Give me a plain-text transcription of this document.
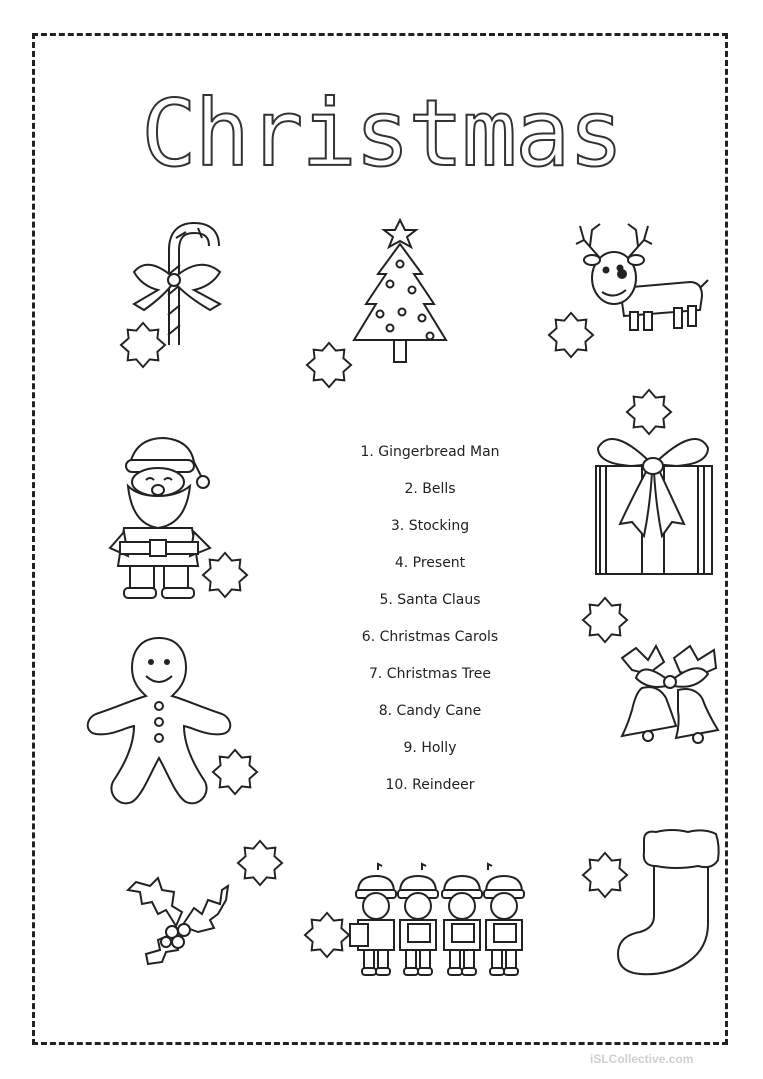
Christmas
1. Gingerbread Man
2. Bells
3. Stocking
4. Present
5. Santa Claus
6. Christmas Carols
7. Christmas Tree
8. Candy Cane
9. Holly
10. Reindeer
iSLCollective.com
